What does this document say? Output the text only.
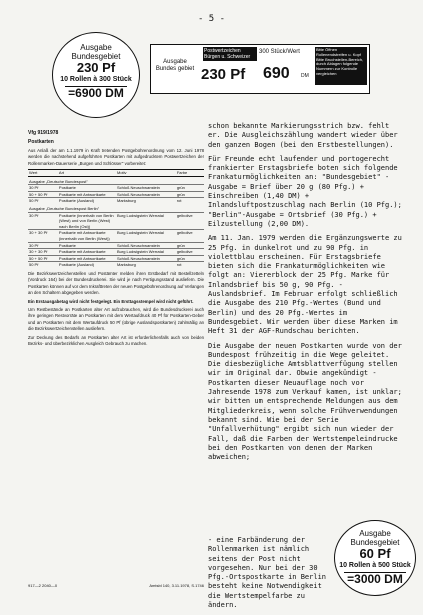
- 5 -
Ausgabe
Bundesgebiet
230 Pf
10 Rollen à 300 Stück
=6900 DM
Postwertzeichen Bürgen u. Schweizer
300 Stück/Wert	Bitte Öffnen Rollenendstreifen u. Kopf Bitte Bruchstellen-Bereich, durch Ablagen folgende Nummern zur Kontrolle vergleichen
Ausgabe Bundes gebiet 230 Pf	690	DM
Vfg 919/1978
Postkarten

Aus Anlaß der am 1.1.1979 in Kraft tretenden Postgebührenordnung vom 12. Juni 1978 werden die nachstehend aufgeführten Postkarten mit aufgedrucktem Postwertzeichen der Rollenmarken-Dauerserie „Burgen und Schlösser" vorbereitet:

Wert	Art	Motiv	Farbe
Ausgabe „Deutsche Bundespost"			
30 Pf	Postkarte	Schloß Neuschwanstein	grün
50 + 50 Pf	Postkarte mit Antwortkarte	Schloß Neuschwanstein	grün
50 Pf	Postkarte (Ausland)	Marksburg	rot
Ausgabe „Deutsche Bundespost Berlin"			
30 Pf	Postkarte (innerhalb von Berlin (West) und von Berlin (West) nach Berlin (Ost))	Burg Ludwigstein Werratal	gelbolive
30 + 30 Pf	Postkarte mit Antwortkarte (innerhalb von Berlin (West))	Burg Ludwigstein Werratal	gelbolive
30 Pf	Postkarte	Schloß Neuschwanstein	grün
30 + 30 Pf	Postkarte mit Antwortkarte	Burg Ludwigstein Werratal	gelbolive
50 + 50 Pf	Postkarte mit Antwortkarte	Schloß Neuschwanstein	grün
50 Pf	Postkarte (Ausland)	Marksburg	rot

Die Bezirkswertzeichenstellen und Postämter melden ihren Erstbedarf mit Bestellzetteln (Vordruck 164) bei der Bundesdruckerei. Sie wird je nach Fertigungsstand ausliefern. Die Postkarten können auf vor dem Inkrafttreten der neuen Postgebührenordnung auf Verlangen an den Schaltern abgegeben werden.

Ein Erstausgabetag wird nicht festgelegt. Ein Ersttagsstempel wird nicht geführt.

Um Restbestände an Postkarten alter Art aufzubrauchen, wird die Bundesdruckerei auch ihre geringen Restvorräte an Postkarten mit dem Wertaufdruck 40 Pf für Postkarten-Geber und an Postkarten mit dem Wertaufdruck 50 Pf (übrige Auslandspostkarten) zahlmäßig an die Bezirkswertzeichenstellen ausliefern.

Zur Deckung des Bedarfs an Postkarten alter Art ist erforderlichenfalls auch von beiden Bezirks- und überbezirklichen Ausgleich Gebrauch zu machen.

917—2 2040—0	Amtsbl 140, 3.11.1978, S.1746

schon bekannte Markierungsstrich bzw. fehlt er. Die Ausgleichszählung wandert wieder über den ganzen Bogen (bei den Erstbestellungen).

Für Freunde echt laufender und portogerecht frankierter Erstagsbriefe boten sich folgende Frankaturmöglichkeiten an: "Bundesgebiet" - Ausgabe = Brief über 20 g (80 Pfg.) + Einschreiben (1,40 DM) + Inlandsluftpostzuschlag nach Berlin (10 Pfg.); "Berlin"-Ausgabe = Ortsbrief (30 Pfg.) + Eilzustellung (2,00 DM).

Am 11. Jan. 1979 werden die Ergänzungswerte zu 25 Pfg. in dunkelrot und zu 90 Pfg. in violettblau erscheinen. Für Erstagsbriefe bieten sich die Frankaturmöglichkeiten wie folgt an: Viererblock der 25 Pfg. Marke für Inlandsbrief bis 50 g, 90 Pfg. - Auslandsbrief. Im Februar erfolgt schließlich die Ausgabe des 210 Pfg.-Wertes (Bund und Berlin) und des 20 Pfg.-Wertes im Bundesgebiet. Wir werden über diese Marken im Heft 31 der AGF-Rundschau berichten.

Die Ausgabe der neuen Postkarten wurde von der Bundespost frühzeitig in die Wege geleitet. Die diesbezügliche Amtsblattverfügung stellen wir im Original dar. Obwie angekündigt - Postkarten dieser Neuauflage noch vor Jahresende 1978 zum Verkauf kamen, ist unklar; wir bitten um entsprechende Meldungen aus dem Mitgliederkreis, wenn solche Frühverwendungen bekannt sind. Wie bei der Serie "Unfallverhütung" ergibt sich nun wieder der Fall, daß die Farben der Wertstempeleindrucke bei den Postkarten von denen der Marken abweichen;

- eine Farbänderung der Rollenmarken ist nämlich seitens der Post nicht vorgesehen. Nur bei der 30 Pfg.-Ortspostkarte in Berlin besteht keine Notwendigkeit die Wertstempelfarbe zu ändern.

Ausgabe
Bundesgebiet
60 Pf
10 Rollen à 500 Stück
=3000 DM
